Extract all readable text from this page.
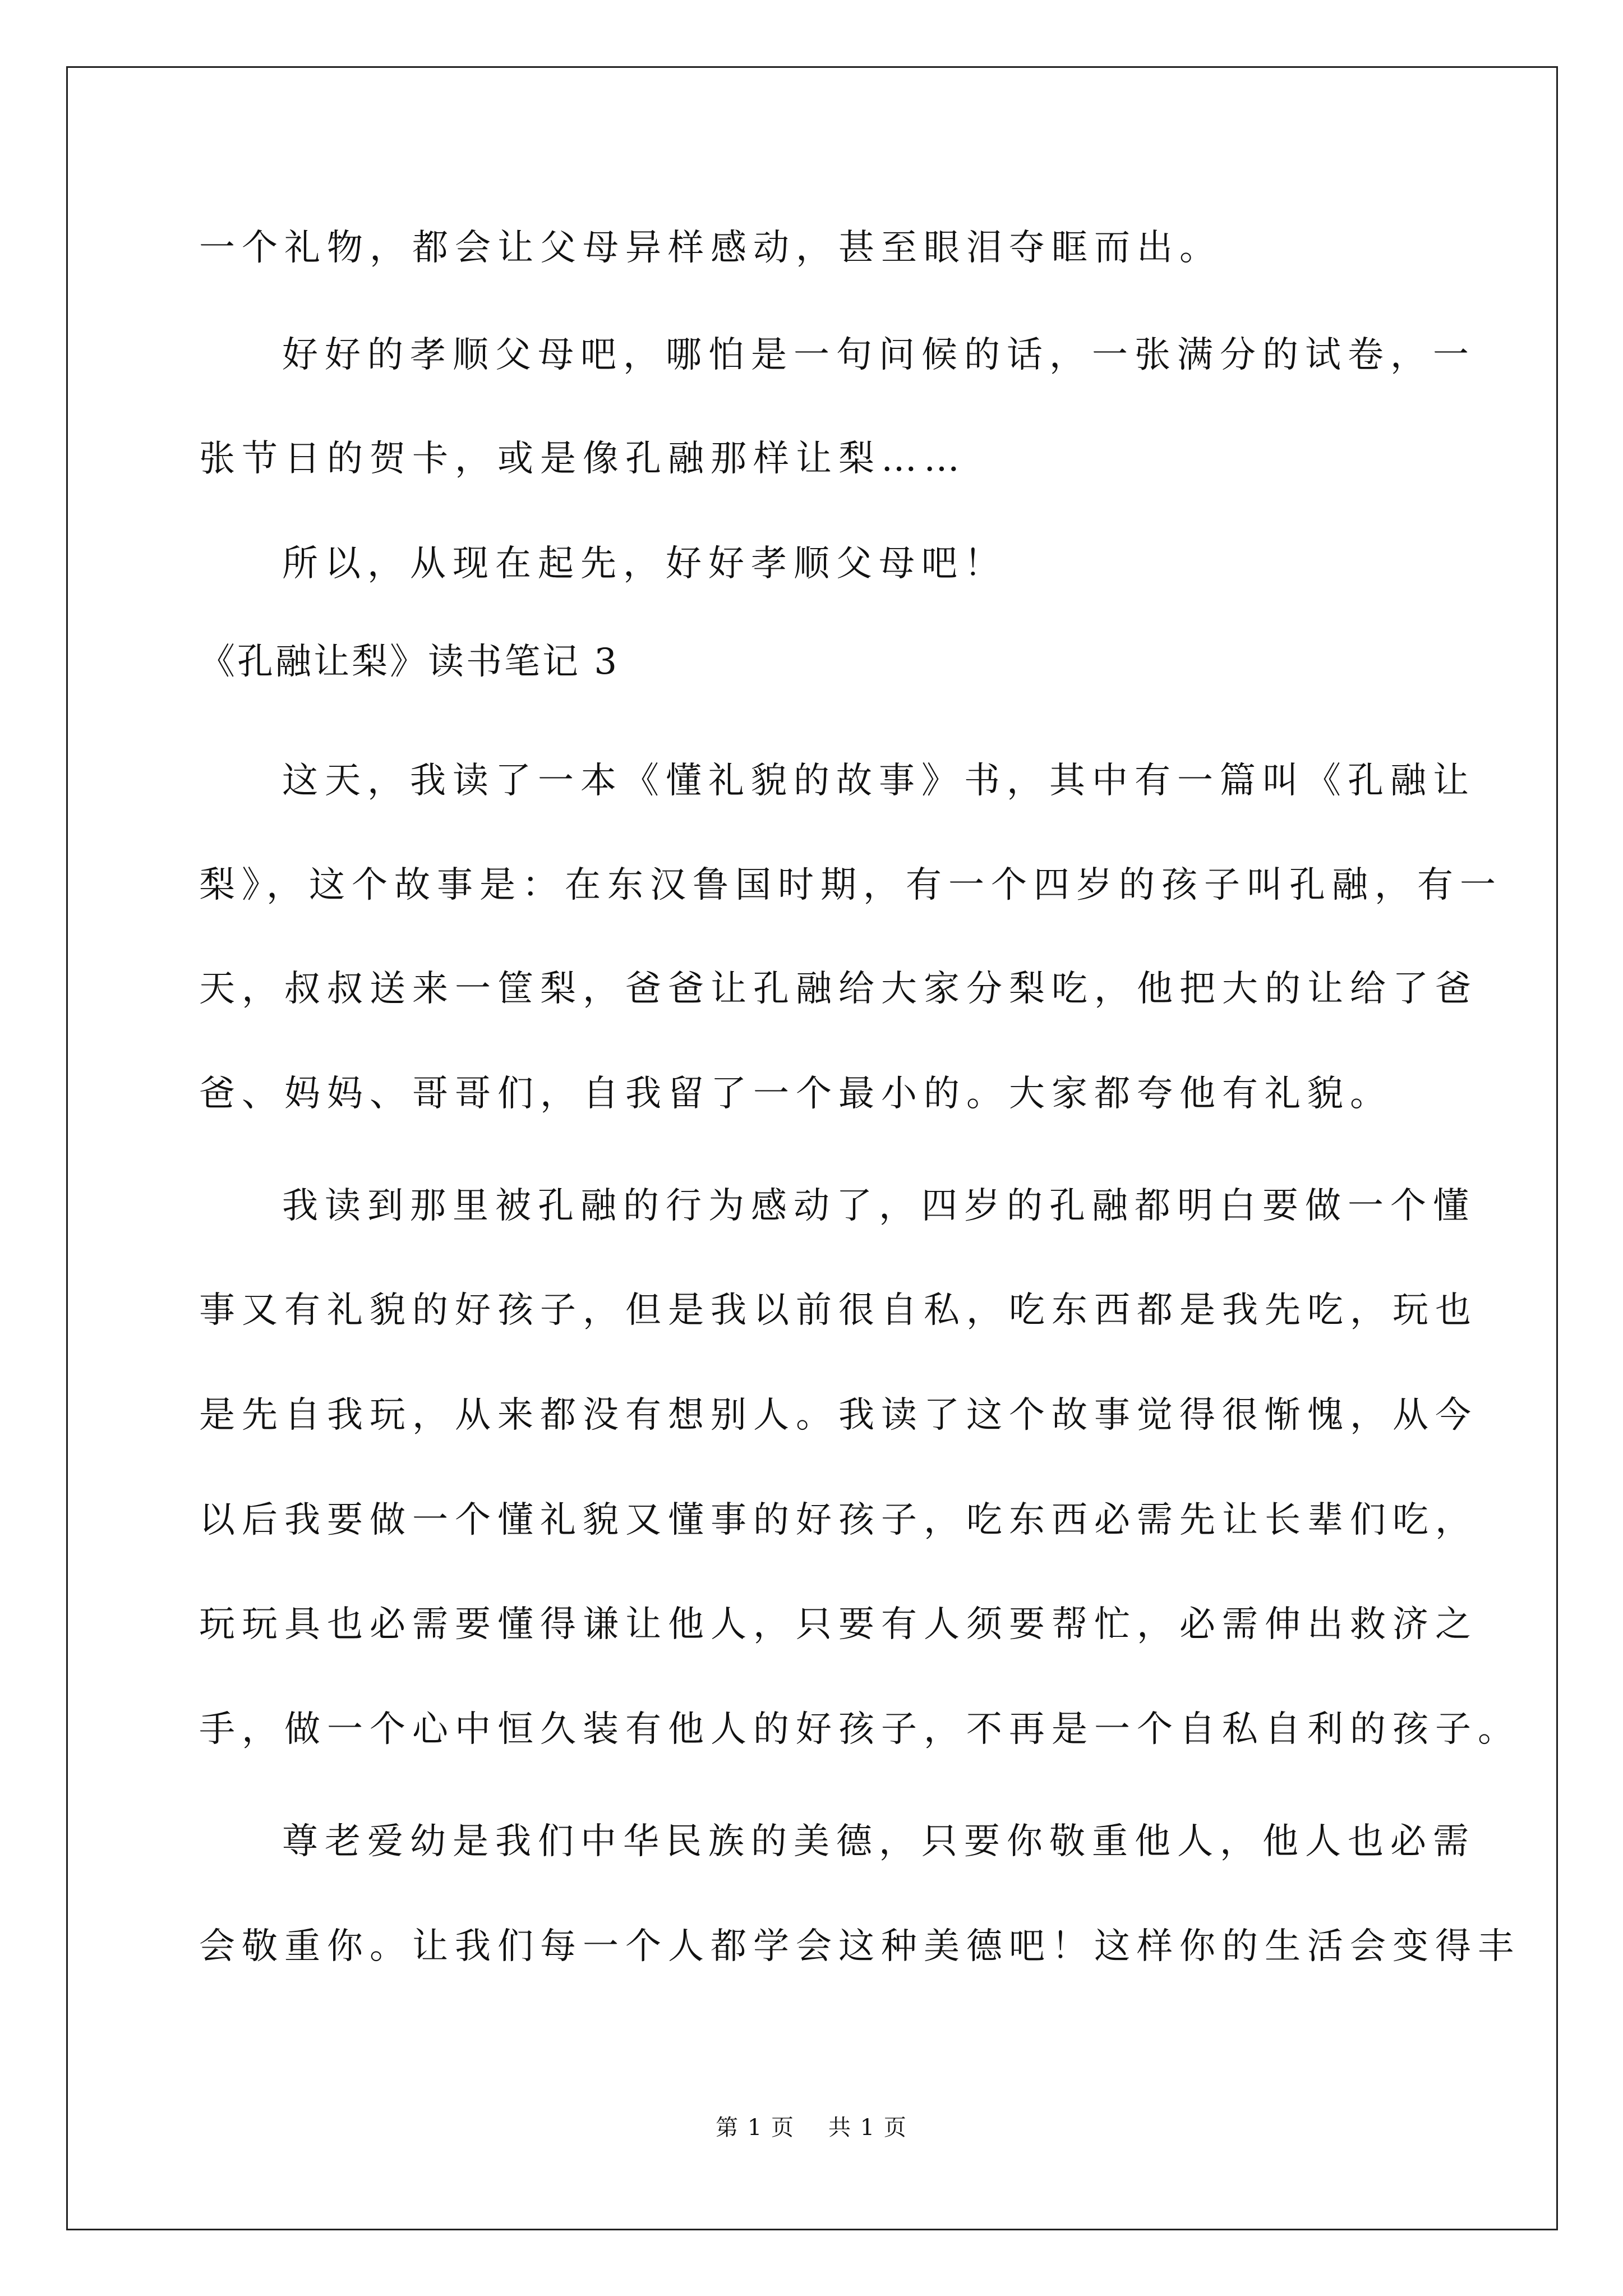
一个礼物，都会让父母异样感动，甚至眼泪夺眶而出。
好好的孝顺父母吧，哪怕是一句问候的话，一张满分的试卷，一
张节日的贺卡，或是像孔融那样让梨……
所以，从现在起先，好好孝顺父母吧！
《孔融让梨》读书笔记 3
这天，我读了一本《懂礼貌的故事》书，其中有一篇叫《孔融让
梨》，这个故事是：在东汉鲁国时期，有一个四岁的孩子叫孔融，有一
天，叔叔送来一筐梨，爸爸让孔融给大家分梨吃，他把大的让给了爸
爸、妈妈、哥哥们，自我留了一个最小的。大家都夸他有礼貌。
我读到那里被孔融的行为感动了，四岁的孔融都明白要做一个懂
事又有礼貌的好孩子，但是我以前很自私，吃东西都是我先吃，玩也
是先自我玩，从来都没有想别人。我读了这个故事觉得很惭愧，从今
以后我要做一个懂礼貌又懂事的好孩子，吃东西必需先让长辈们吃，
玩玩具也必需要懂得谦让他人，只要有人须要帮忙，必需伸出救济之
手，做一个心中恒久装有他人的好孩子，不再是一个自私自利的孩子。
尊老爱幼是我们中华民族的美德，只要你敬重他人，他人也必需
会敬重你。让我们每一个人都学会这种美德吧！这样你的生活会变得丰
第 1 页 共 1 页
